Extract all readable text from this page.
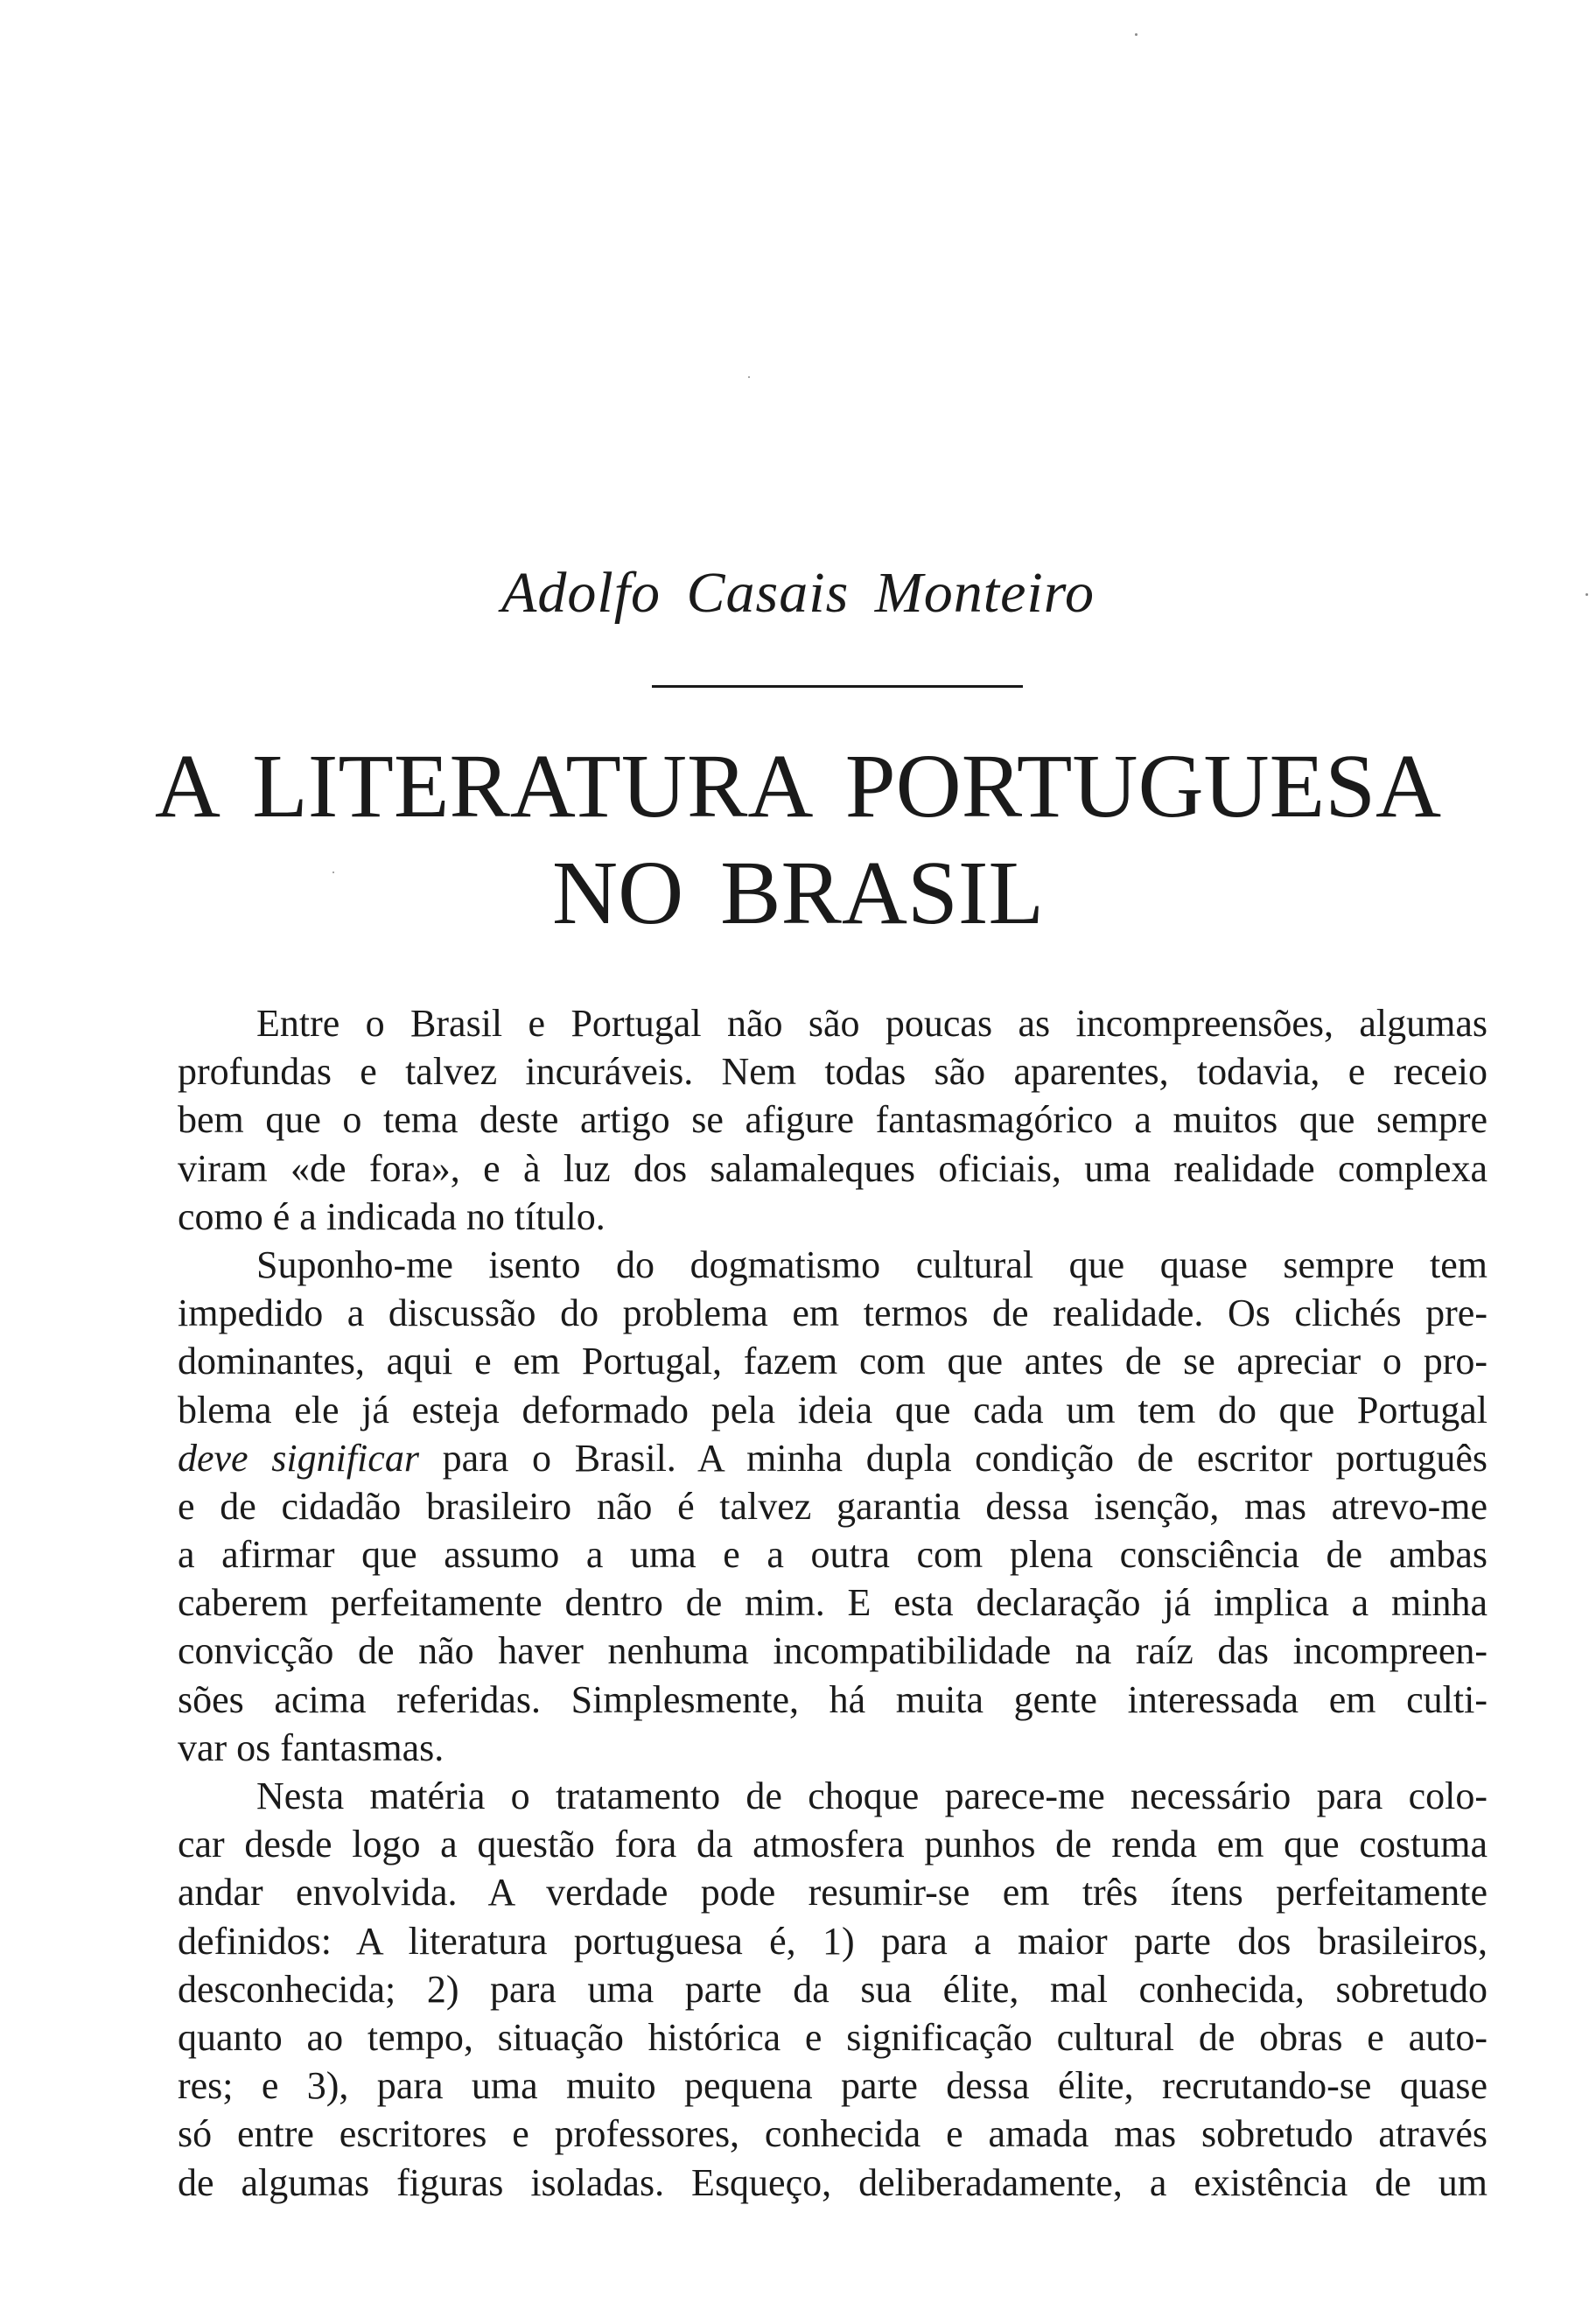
Adolfo Casais Monteiro
A LITERATURA PORTUGUESA
NO BRASIL
Entre o Brasil e Portugal não são poucas as incompreensões, algumas
profundas e talvez incuráveis. Nem todas são aparentes, todavia, e receio
bem que o tema deste artigo se afigure fantasmagórico a muitos que sempre
viram «de fora», e à luz dos salamaleques oficiais, uma realidade complexa
como é a indicada no título.
Suponho-me isento do dogmatismo cultural que quase sempre tem
impedido a discussão do problema em termos de realidade. Os clichés pre-
dominantes, aqui e em Portugal, fazem com que antes de se apreciar o pro-
blema ele já esteja deformado pela ideia que cada um tem do que Portugal
deve significar para o Brasil. A minha dupla condição de escritor português
e de cidadão brasileiro não é talvez garantia dessa isenção, mas atrevo-me
a afirmar que assumo a uma e a outra com plena consciência de ambas
caberem perfeitamente dentro de mim. E esta declaração já implica a minha
convicção de não haver nenhuma incompatibilidade na raíz das incompreen-
sões acima referidas. Simplesmente, há muita gente interessada em culti-
var os fantasmas.
Nesta matéria o tratamento de choque parece-me necessário para colo-
car desde logo a questão fora da atmosfera punhos de renda em que costuma
andar envolvida. A verdade pode resumir-se em três ítens perfeitamente
definidos: A literatura portuguesa é, 1) para a maior parte dos brasileiros,
desconhecida; 2) para uma parte da sua élite, mal conhecida, sobretudo
quanto ao tempo, situação histórica e significação cultural de obras e auto-
res; e 3), para uma muito pequena parte dessa élite, recrutando-se quase
só entre escritores e professores, conhecida e amada mas sobretudo através
de algumas figuras isoladas. Esqueço, deliberadamente, a existência de um
